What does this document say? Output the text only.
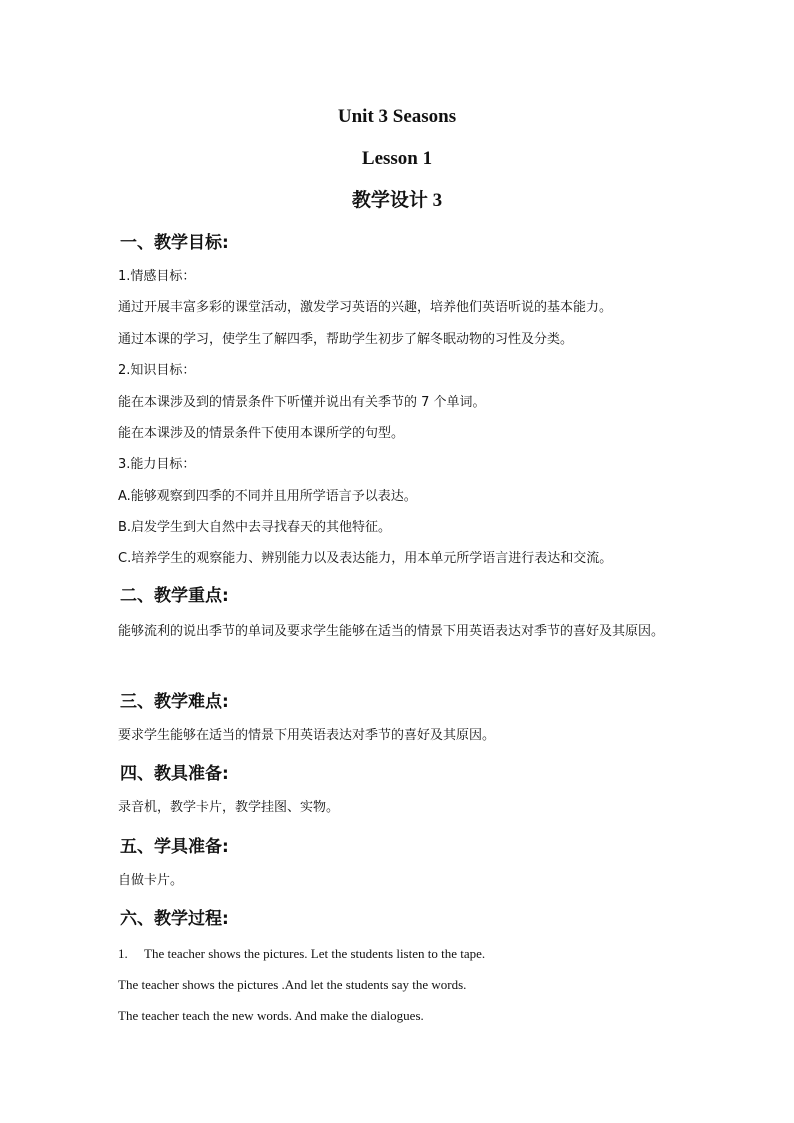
Unit 3 Seasons
Lesson 1
教学设计 3
一、教学目标:

1.情感目标：

通过开展丰富多彩的课堂活动，激发学习英语的兴趣，培养他们英语听说的基本能力。

通过本课的学习，使学生了解四季，帮助学生初步了解冬眠动物的习性及分类。

2.知识目标：

能在本课涉及到的情景条件下听懂并说出有关季节的 7 个单词。

能在本课涉及的情景条件下使用本课所学的句型。

3.能力目标：

A.能够观察到四季的不同并且用所学语言予以表达。

B.启发学生到大自然中去寻找春天的其他特征。

C.培养学生的观察能力、辨别能力以及表达能力，用本单元所学语言进行表达和交流。

二、教学重点:

能够流利的说出季节的单词及要求学生能够在适当的情景下用英语表达对季节的喜好及其原因。

三、教学难点:

要求学生能够在适当的情景下用英语表达对季节的喜好及其原因。

四、教具准备:

录音机，教学卡片，教学挂图、实物。

五、学具准备:

自做卡片。

六、教学过程:

1. The teacher shows the pictures. Let the students listen to the tape.

The teacher shows the pictures .And let the students say the words.

The teacher teach the new words. And make the dialogues.
